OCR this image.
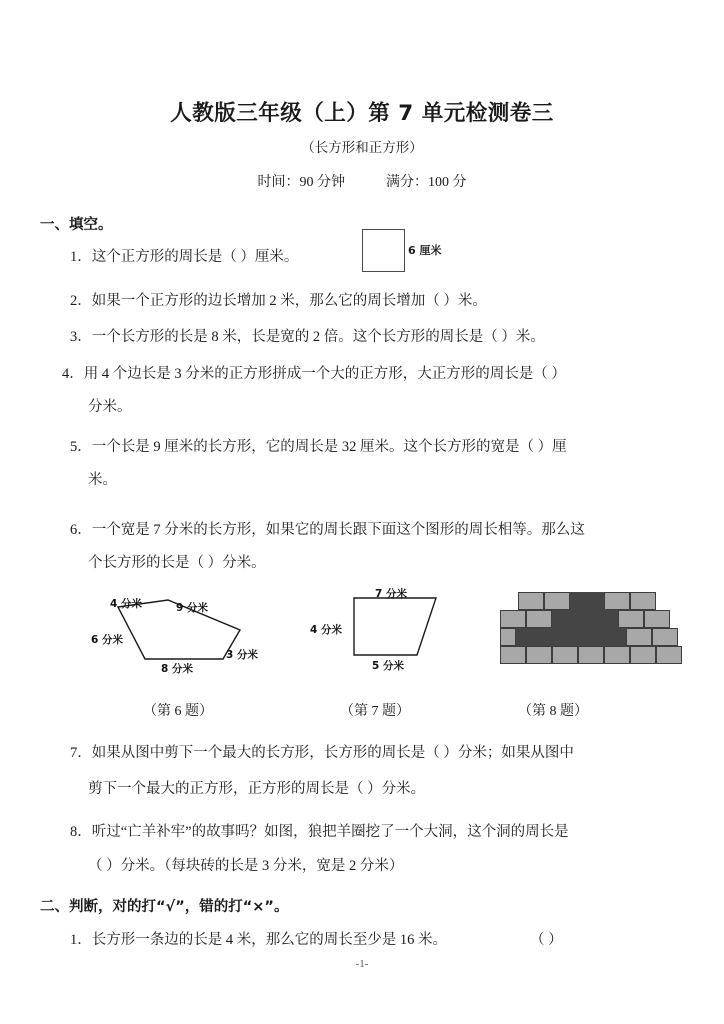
人教版三年级（上）第 7 单元检测卷三
（长方形和正方形）
时间：90 分钟	满分：100 分
一、填空。
1．这个正方形的周长是（ ）厘米。	6 厘米
2．如果一个正方形的边长增加 2 米，那么它的周长增加（ ）米。
3．一个长方形的长是 8 米，长是宽的 2 倍。这个长方形的周长是（ ）米。
4．用 4 个边长是 3 分米的正方形拼成一个大的正方形，大正方形的周长是（ ）
分米。
5．一个长是 9 厘米的长方形，它的周长是 32 厘米。这个长方形的宽是（ ）厘
米。
6．一个宽是 7 分米的长方形，如果它的周长跟下面这个图形的周长相等。那么这
个长方形的长是（ ）分米。
4 分米	9 分米
6 分米
8 分米
3 分米
7 分米
4 分米
5 分米
（第 6 题）	（第 7 题）	（第 8 题）
7．如果从图中剪下一个最大的长方形，长方形的周长是（ ）分米；如果从图中
剪下一个最大的正方形，正方形的周长是（ ）分米。
8．听过“亡羊补牢”的故事吗？如图，狼把羊圈挖了一个大洞，这个洞的周长是
（ ）分米。（每块砖的长是 3 分米，宽是 2 分米）
二、判断，对的打“√”，错的打“×”。
1．长方形一条边的长是 4 米，那么它的周长至少是 16 米。	（ ）
-1-
